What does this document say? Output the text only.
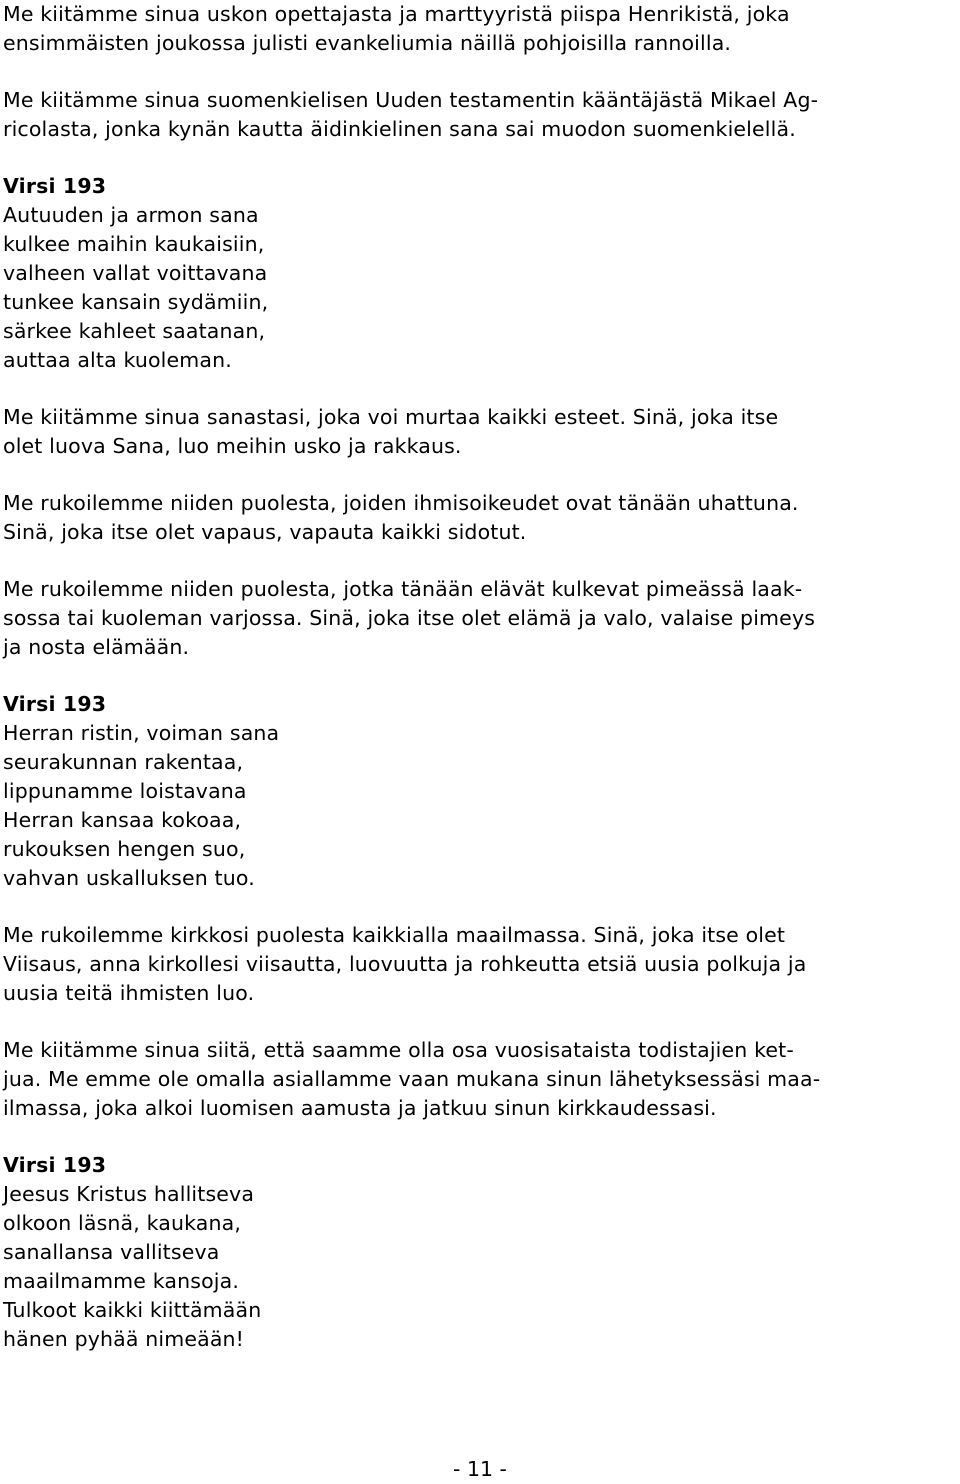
Me kiitämme sinua uskon opettajasta ja marttyyristä piispa Henrikistä, joka
ensimmäisten joukossa julisti evankeliumia näillä pohjoisilla rannoilla.
Me kiitämme sinua suomenkielisen Uuden testamentin kääntäjästä Mikael Ag-
ricolasta, jonka kynän kautta äidinkielinen sana sai muodon suomenkielellä.
Virsi 193
Autuuden ja armon sana
kulkee maihin kaukaisiin,
valheen vallat voittavana
tunkee kansain sydämiin,
särkee kahleet saatanan,
auttaa alta kuoleman.
Me kiitämme sinua sanastasi, joka voi murtaa kaikki esteet. Sinä, joka itse
olet luova Sana, luo meihin usko ja rakkaus.
Me rukoilemme niiden puolesta, joiden ihmisoikeudet ovat tänään uhattuna.
Sinä, joka itse olet vapaus, vapauta kaikki sidotut.
Me rukoilemme niiden puolesta, jotka tänään elävät kulkevat pimeässä laak-
sossa tai kuoleman varjossa. Sinä, joka itse olet elämä ja valo, valaise pimeys
ja nosta elämään.
Virsi 193
Herran ristin, voiman sana
seurakunnan rakentaa,
lippunamme loistavana
Herran kansaa kokoaa,
rukouksen hengen suo,
vahvan uskalluksen tuo.
Me rukoilemme kirkkosi puolesta kaikkialla maailmassa. Sinä, joka itse olet
Viisaus, anna kirkollesi viisautta, luovuutta ja rohkeutta etsiä uusia polkuja ja
uusia teitä ihmisten luo.
Me kiitämme sinua siitä, että saamme olla osa vuosisataista todistajien ket-
jua. Me emme ole omalla asiallamme vaan mukana sinun lähetyksessäsi maa-
ilmassa, joka alkoi luomisen aamusta ja jatkuu sinun kirkkaudessasi.
Virsi 193
Jeesus Kristus hallitseva
olkoon läsnä, kaukana,
sanallansa vallitseva
maailmamme kansoja.
Tulkoot kaikki kiittämään
hänen pyhää nimeään!
- 11 -
